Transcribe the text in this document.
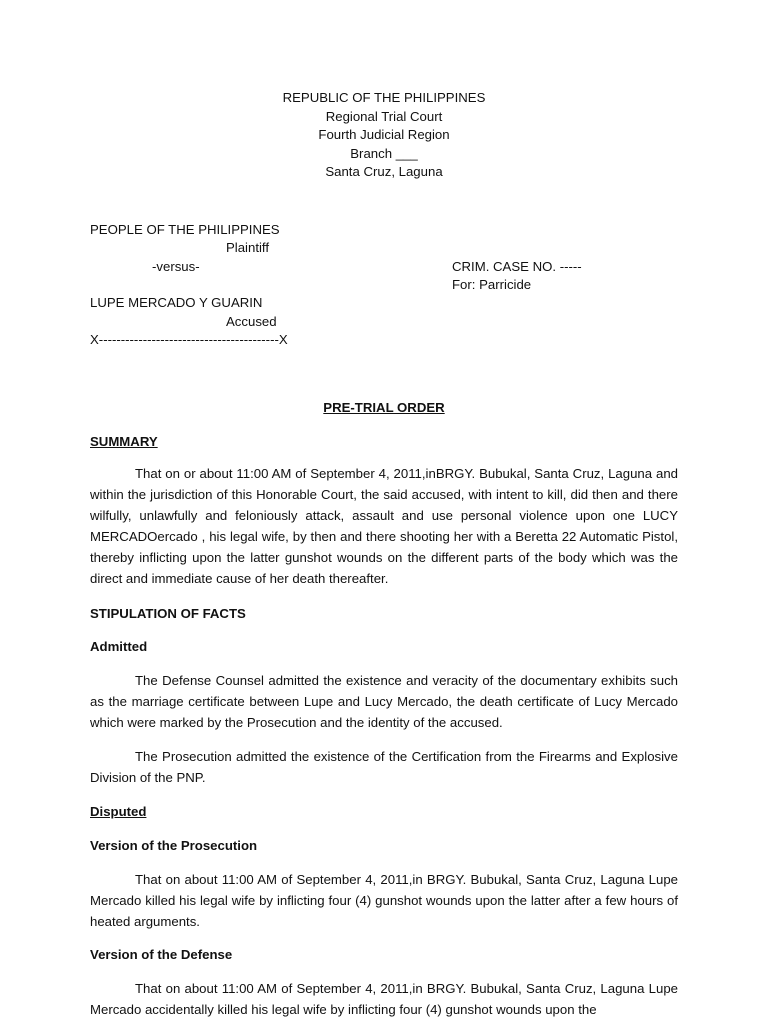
REPUBLIC OF THE PHILIPPINES
Regional Trial Court
Fourth Judicial Region
Branch ___
Santa Cruz, Laguna
PEOPLE OF THE PHILIPPINES
Plaintiff
-versus-	CRIM. CASE NO. -----
For: Parricide
LUPE MERCADO Y GUARIN
Accused
X-----------------------------------------X
PRE-TRIAL ORDER
SUMMARY
That on or about 11:00 AM of September 4, 2011,inBRGY. Bubukal, Santa Cruz, Laguna and within the jurisdiction of this Honorable Court, the said accused, with intent to kill, did then and there wilfully, unlawfully and feloniously attack, assault and use personal violence upon one LUCY MERCADOercado , his legal wife, by then and there shooting her with a Beretta 22 Automatic Pistol, thereby inflicting upon the latter gunshot wounds on the different parts of the body which was the direct and immediate cause of her death thereafter.
STIPULATION OF FACTS
Admitted
The Defense Counsel admitted the existence and veracity of the documentary exhibits such as the marriage certificate between Lupe and Lucy Mercado, the death certificate of Lucy Mercado which were marked by the Prosecution and the identity of the accused.
The Prosecution admitted the existence of the Certification from the Firearms and Explosive Division of the PNP.
Disputed
Version of the Prosecution
That on about 11:00 AM of September 4, 2011,in BRGY. Bubukal, Santa Cruz, Laguna Lupe Mercado killed his legal wife by inflicting four (4) gunshot wounds upon the latter after a few hours of heated arguments.
Version of the Defense
That on about 11:00 AM of September 4, 2011,in BRGY. Bubukal, Santa Cruz, Laguna Lupe Mercado accidentally killed his legal wife by inflicting four (4) gunshot wounds upon the
